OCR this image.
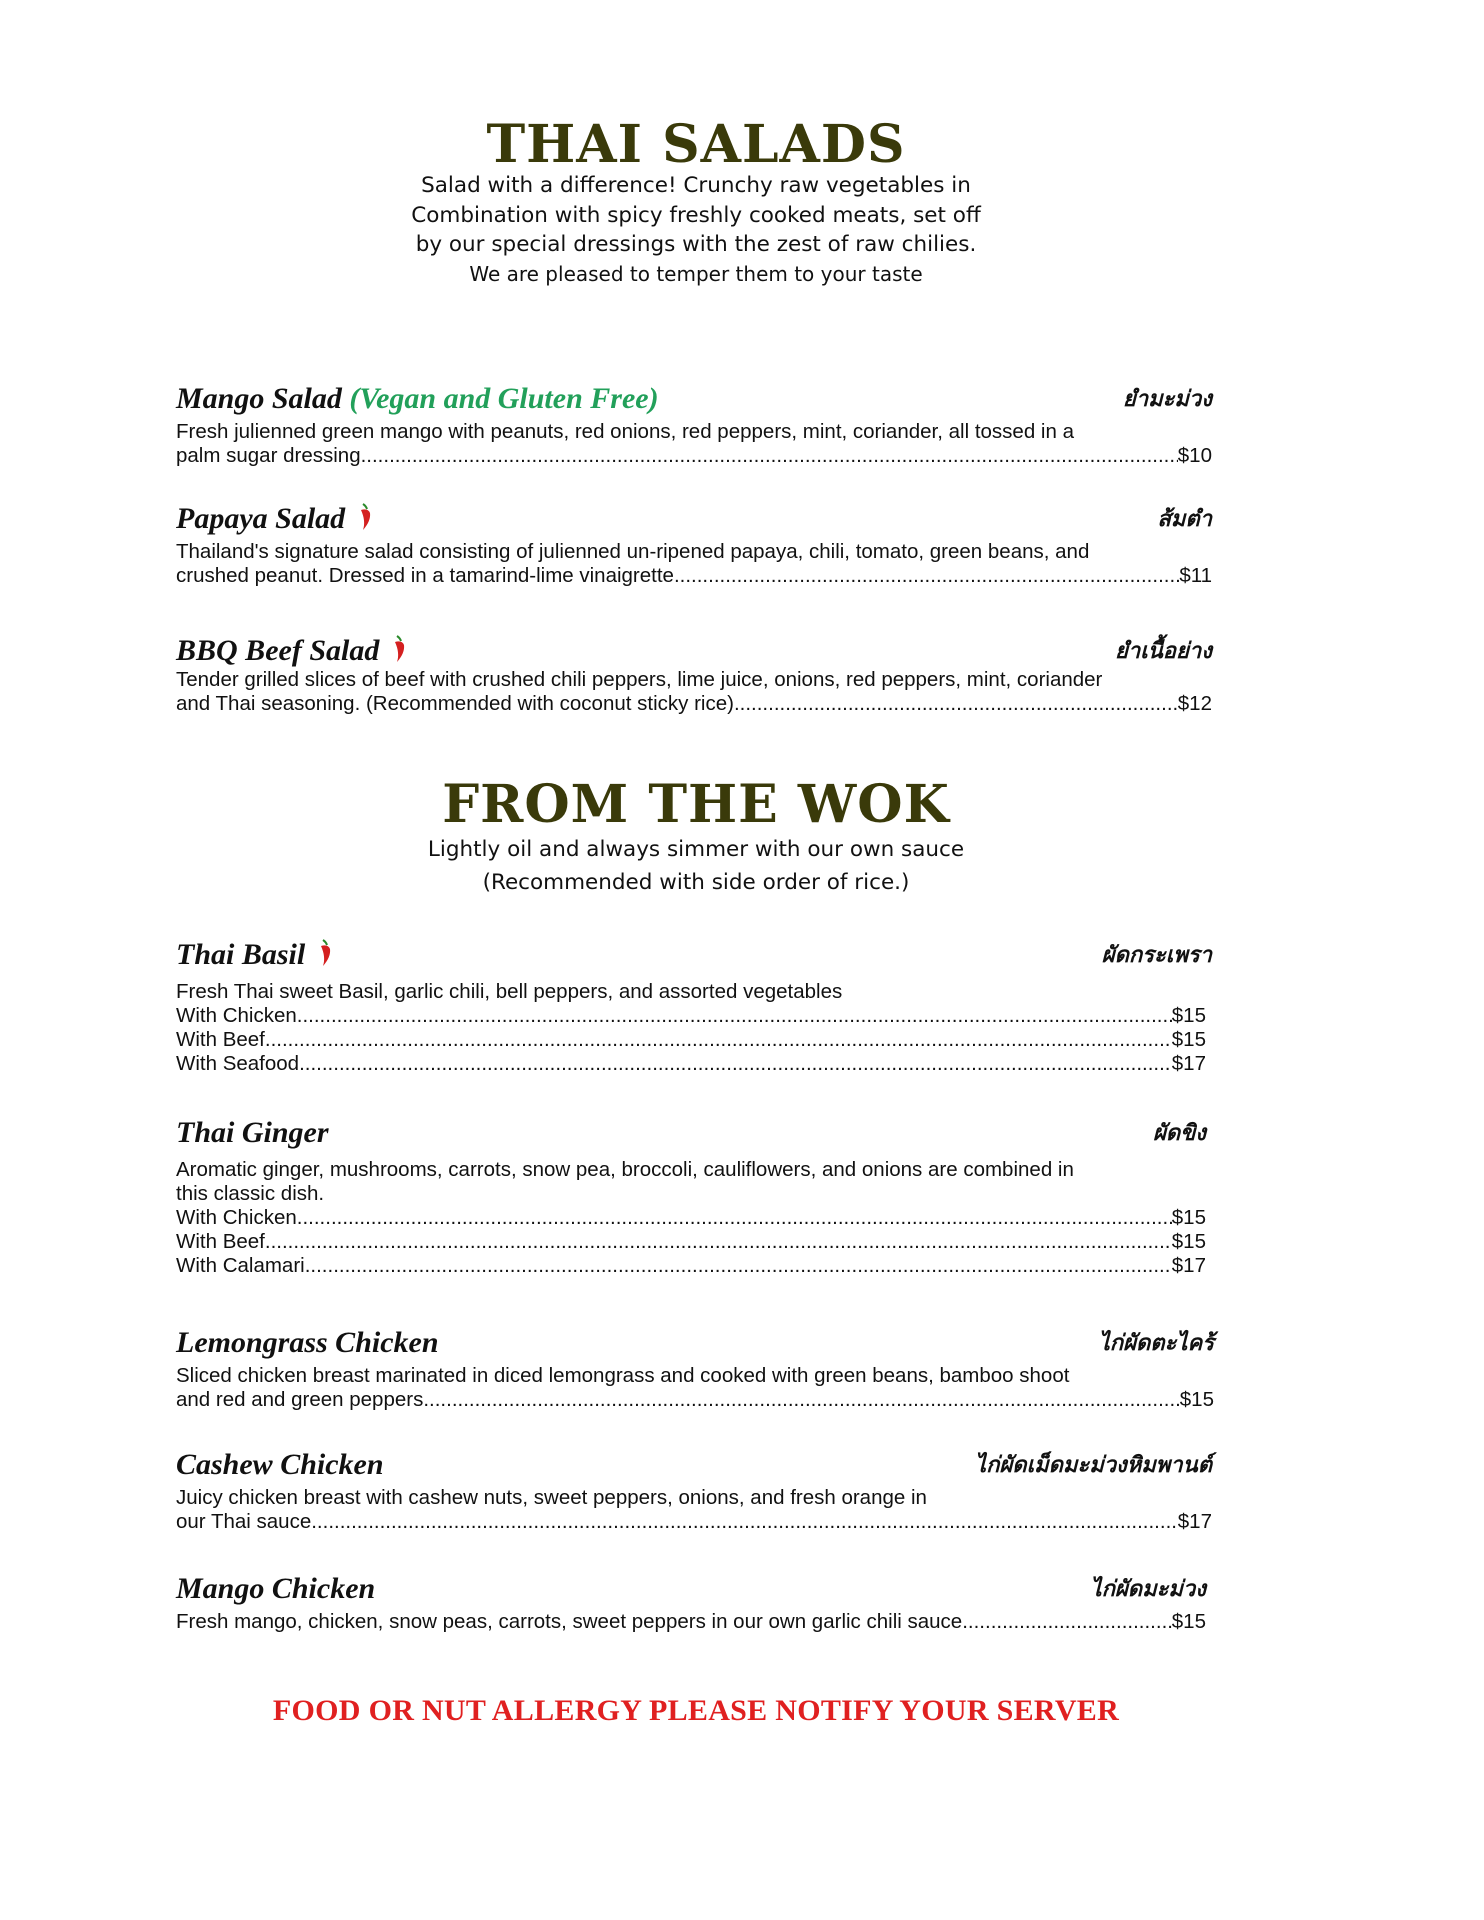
THAI SALADS
Salad with a difference! Crunchy raw vegetables in
Combination with spicy freshly cooked meats, set off
by our special dressings with the zest of raw chilies.
We are pleased to temper them to your taste
Mango Salad (Vegan and Gluten Free)	ยำมะม่วง
Fresh julienned green mango with peanuts, red onions, red peppers, mint, coriander, all tossed in a
palm sugar dressing .....	$10
Papaya Salad	ส้มตำ
Thailand's signature salad consisting of julienned un-ripened papaya, chili, tomato, green beans, and
crushed peanut. Dressed in a tamarind-lime vinaigrette .....	$11
BBQ Beef Salad	ยำเนื้อย่าง
Tender grilled slices of beef with crushed chili peppers, lime juice, onions, red peppers, mint, coriander
and Thai seasoning. (Recommended with coconut sticky rice) .....	$12
FROM THE WOK
Lightly oil and always simmer with our own sauce
(Recommended with side order of rice.)
Thai Basil	ผัดกระเพรา
Fresh Thai sweet Basil, garlic chili, bell peppers, and assorted vegetables
With Chicken .....	$15
With Beef .....	$15
With Seafood .....	$17
Thai Ginger	ผัดขิง
Aromatic ginger, mushrooms, carrots, snow pea, broccoli, cauliflowers, and onions are combined in
this classic dish.
With Chicken .....	$15
With Beef .....	$15
With Calamari .....	$17
Lemongrass Chicken	ไก่ผัดตะไคร้
Sliced chicken breast marinated in diced lemongrass and cooked with green beans, bamboo shoot
and red and green peppers .....	$15
Cashew Chicken	ไก่ผัดเม็ดมะม่วงหิมพานต์
Juicy chicken breast with cashew nuts, sweet peppers, onions, and fresh orange in
our Thai sauce .....	$17
Mango Chicken	ไก่ผัดมะม่วง
Fresh mango, chicken, snow peas, carrots, sweet peppers in our own garlic chili sauce .....	$15
FOOD OR NUT ALLERGY PLEASE NOTIFY YOUR SERVER
